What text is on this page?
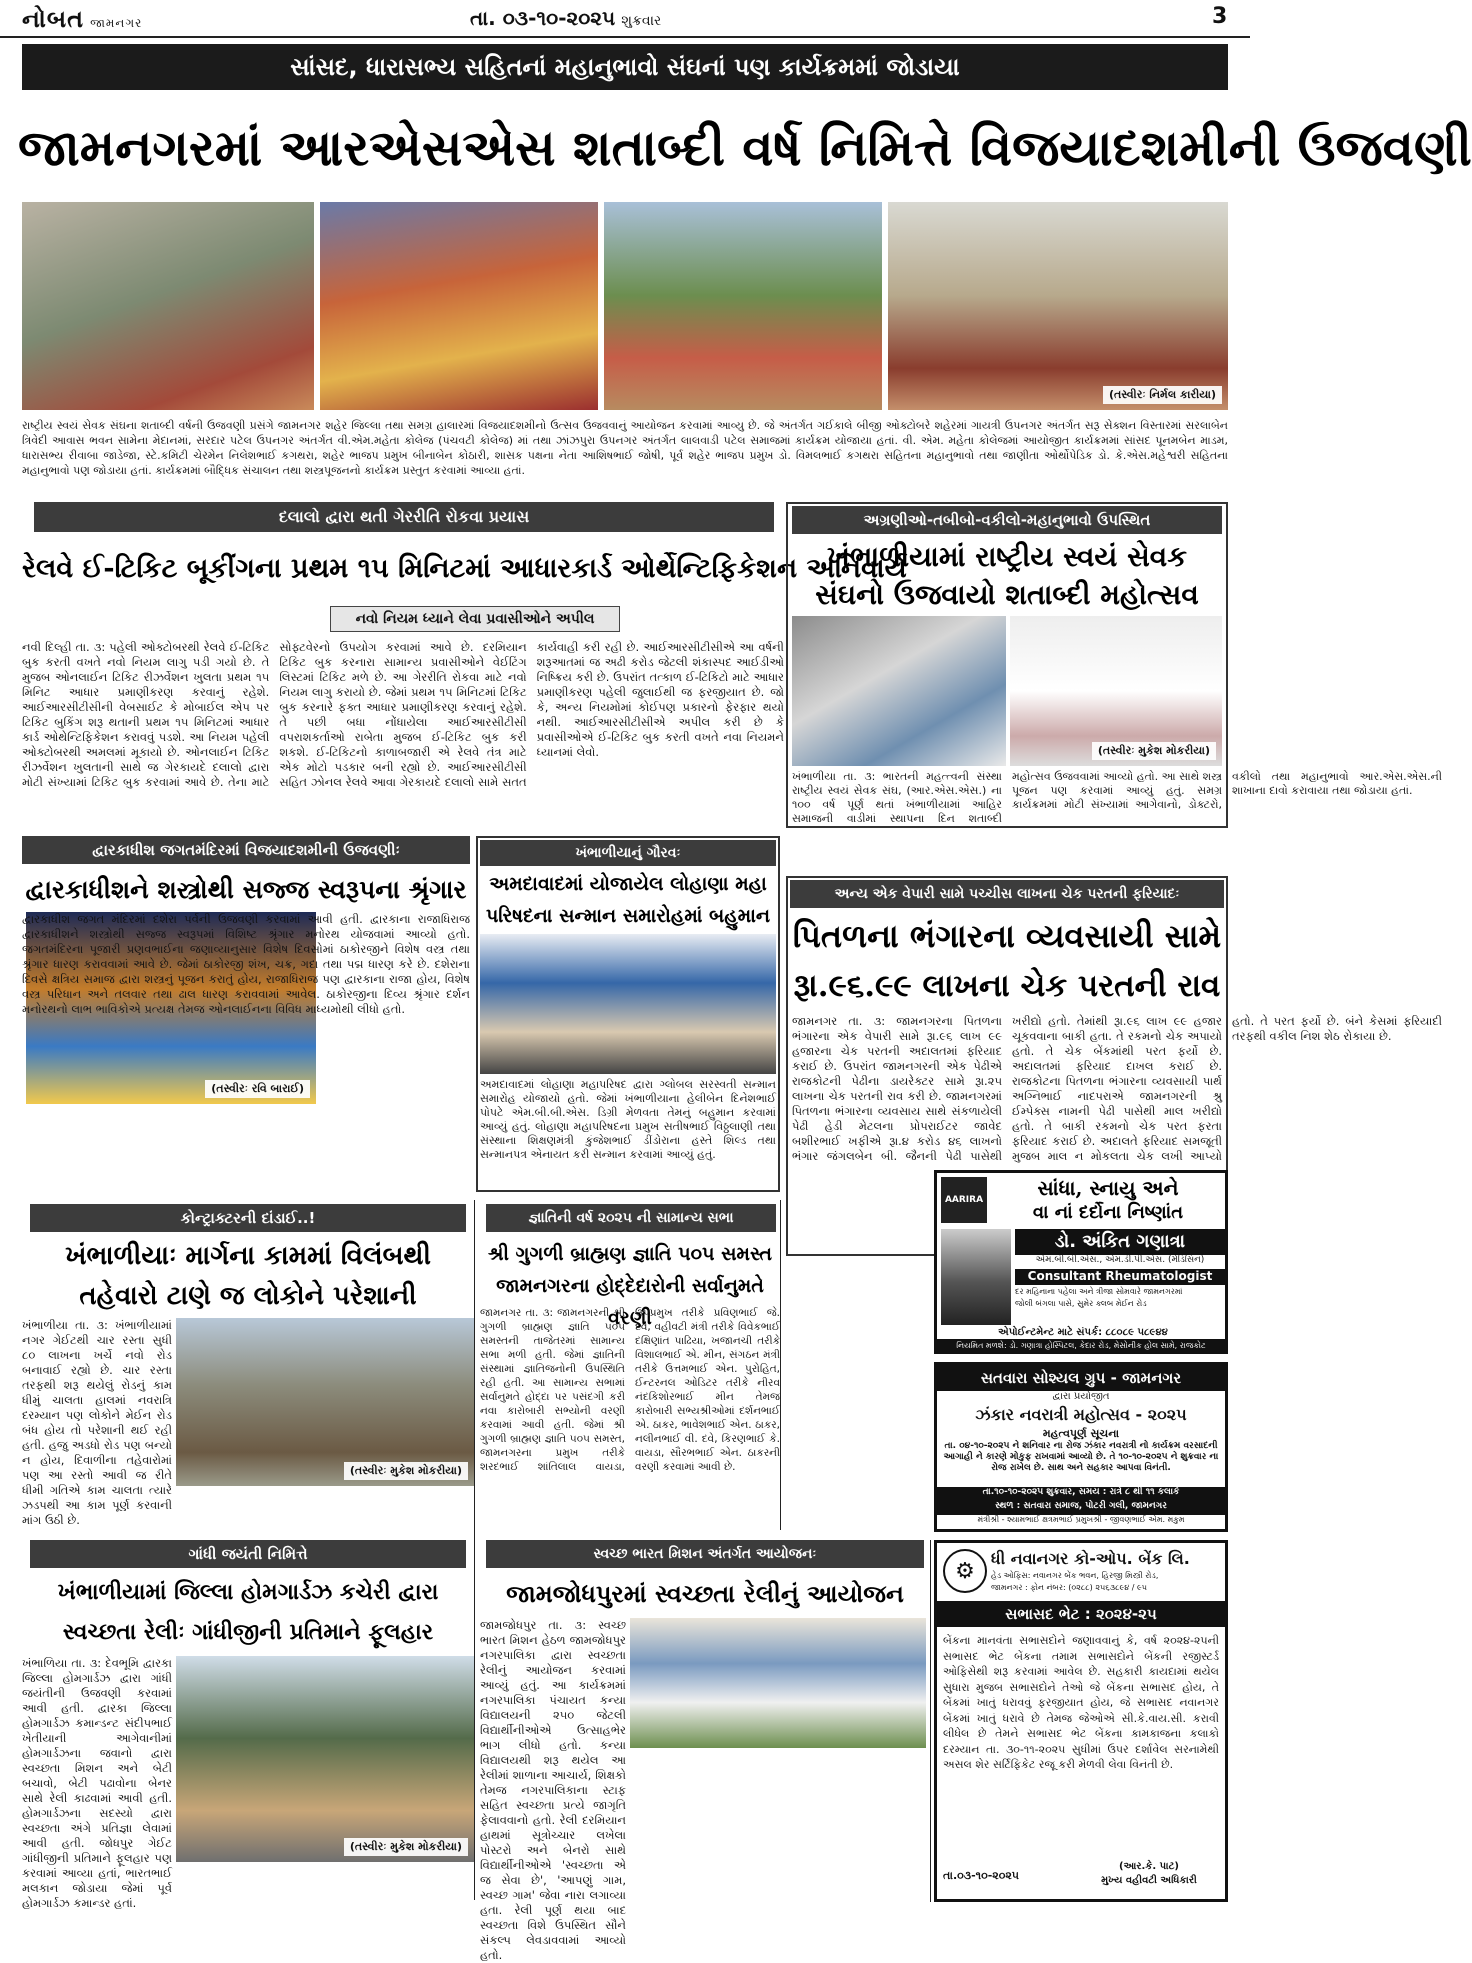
નોબત જામનગર	તા. ૦૩-૧૦-૨૦૨૫ શુક્રવાર	3
સાંસદ, ધારાસભ્ય સહિતનાં મહાનુભાવો સંઘનાં પણ કાર્યક્રમમાં જોડાયા
જામનગરમાં આરએસએસ શતાબ્દી વર્ષ નિમિત્તે વિજયાદશમીની ઉજવણી
(તસ્વીરઃ નિર્મલ કારીયા)
રાષ્ટ્રીય સ્વયં સેવક સંઘના શતાબ્દી વર્ષની ઉજવણી પ્રસંગે જામનગર શહેર જિલ્લા તથા સમગ્ર હાલારમાં વિજયાદશમીનો ઉત્સવ ઉજવવાનું આયોજન કરવામાં આવ્યુ છે. જે અંતર્ગત ગઈકાલે બીજી ઓક્ટોબરે શહેરમાં ગાયત્રી ઉપનગર અંતર્ગત સરૂ સેક્શન વિસ્તારમાં સરલાબેન ત્રિવેદી આવાસ ભવન સામેના મેદાનમાં, સરદાર પટેલ ઉપનગર અંતર્ગત વી.એમ.મહેતા કોલેજ (પંચવટી કોલેજ) માં તથા ઝાંઝપુરા ઉપનગર અંતર્ગત લાલવાડી પટેલ સમાજમાં કાર્યક્રમ યોજાયા હતાં. વી. એમ. મહેતા કોલેજમાં આયોજીત કાર્યક્રમમાં સાંસદ પૂનમબેન માડમ, ધારાસભ્ય રીવાબા જાડેજા, સ્ટે.કમિટી ચેરમેન નિલેશભાઈ કગથરા, શહેર ભાજપ પ્રમુખ બીનાબેન કોઠારી, શાસક પક્ષના નેતા આશિષભાઈ જોષી, પૂર્વ શહેર ભાજપ પ્રમુખ ડો. વિમલભાઈ કગથરા સહિતના મહાનુભાવો તથા જાણીતા ઓર્થોપેડિક ડો. કે.એસ.મહેશ્વરી સહિતના મહાનુભાવો પણ જોડાયા હતાં. કાર્યક્રમમાં બૌદ્ધિક સંચાલન તથા શસ્ત્રપૂજનનો કાર્યક્રમ પ્રસ્તુત કરવામાં આવ્યા હતાં.
દલાલો દ્વારા થતી ગેરરીતિ રોકવા પ્રયાસ
રેલવે ઈ-ટિકિટ બૂકીંગના પ્રથમ ૧૫ મિનિટમાં આધારકાર્ડ ઓર્થેન્ટિફિકેશન અનિવાર્ય
નવો નિયમ ધ્યાને લેવા પ્રવાસીઓને અપીલ
નવી દિલ્હી તા. ૩: પહેલી ઓક્ટોબરથી રેલવે ઈ-ટિકિટ બુક કરતી વખતે નવો નિયમ લાગુ પડી ગયો છે. તે મુજબ ઓનલાઈન ટિકિટ રીઝર્વેશન ખુલતા પ્રથમ ૧૫ મિનિટ આધાર પ્રમાણીકરણ કરવાનું રહેશે. આઈઆરસીટીસીની વેબસાઈટ કે મોબાઈલ એપ પર ટિકિટ બુકિંગ શરૂ થતાની પ્રથમ ૧૫ મિનિટમાં આધાર કાર્ડ ઓથેન્ટિફિકેશન કરાવવું પડશે. આ નિયમ પહેલી ઓક્ટોબરથી અમલમાં મૂકાયો છે. ઓનલાઈન ટિકિટ રીઝર્વેશન ખુલતાની સાથે જ ગેરકાયદે દલાલો દ્વારા મોટી સંખ્યામાં ટિકિટ બુક કરવામાં આવે છે. તેના માટે સોફ્ટવેરનો ઉપયોગ કરવામાં આવે છે. દરમિયાન ટિકિટ બુક કરનારા સામાન્ય પ્રવાસીઓને વેઈટિંગ લિસ્ટમાં ટિકિટ મળે છે. આ ગેરરીતિ રોકવા માટે નવો નિયમ લાગુ કરાયો છે. જેમાં પ્રથમ ૧૫ મિનિટમાં ટિકિટ બુક કરનારે ફક્ત આધાર પ્રમાણીકરણ કરવાનું રહેશે. તે પછી બધા નોંધાયેલા આઈઆરસીટીસી વપરાશકર્તાઓ રાબેતા મુજબ ઈ-ટિકિટ બુક કરી શકશે. ઈ-ટિકિટનો કાળાબજારી એ રેલવે તંત્ર માટે એક મોટો પડકાર બની રહ્યો છે. આઈઆરસીટીસી સહિત ઝોનલ રેલવે આવા ગેરકાયદે દલાલો સામે સતત કાર્યવાહી કરી રહી છે. આઈઆરસીટીસીએ આ વર્ષની શરૂઆતમાં જ અઢી કરોડ જેટલી શંકાસ્પદ આઈડીઓ નિષ્ક્રિય કરી છે. ઉપરાંત તત્કાળ ઈ-ટિકિટો માટે આધાર પ્રમાણીકરણ પહેલી જુલાઈથી જ ફરજીયાત છે. જો કે, અન્ય નિયમોમાં કોઈપણ પ્રકારનો ફેરફાર થયો નથી. આઈઆરસીટીસીએ અપીલ કરી છે કે પ્રવાસીઓએ ઈ-ટિકિટ બુક કરતી વખતે નવા નિયમને ધ્યાનમાં લેવો.
અગ્રણીઓ-તબીબો-વકીલો-મહાનુભાવો ઉપસ્થિત
ખંભાળીયામાં રાષ્ટ્રીય સ્વયં સેવક સંઘનો ઉજવાયો શતાબ્દી મહોત્સવ
(તસ્વીરઃ મુકેશ મોકરીયા)
ખંભાળીયા તા. ૩: ભારતની મહત્ત્વની સંસ્થા રાષ્ટ્રીય સ્વયં સેવક સંઘ, (આર.એસ.એસ.) ના ૧૦૦ વર્ષ પૂર્ણ થતાં ખંભાળીયામાં આહિર સમાજની વાડીમાં સ્થાપના દિન શતાબ્દી મહોત્સવ ઉજવવામાં આવ્યો હતો. આ સાથે શસ્ત્ર પૂજન પણ કરવામાં આવ્યું હતું. સમગ્ર કાર્યક્રમમાં મોટી સંખ્યામાં આગેવાનો, ડોક્ટરો, વકીલો તથા મહાનુભાવો આર.એસ.એસ.ની શાખાના દાવો કરાવાયા તથા જોડાયા હતાં.
દ્વારકાધીશ જગતમંદિરમાં વિજયાદશમીની ઉજવણીઃ
દ્વારકાધીશને શસ્ત્રોથી સજ્જ સ્વરૂપના શ્રૃંગાર
(તસ્વીરઃ રવિ બારાઈ)
દ્વારકાધીશ જગત મંદિરમાં દશેરા પર્વની ઉજવણી કરવામાં આવી હતી. દ્વારકાના રાજાધિરાજ દ્વારકાધીશને શસ્ત્રોથી સજ્જ સ્વરૂપમાં વિશિષ્ટ શ્રૃંગાર મનોરથ યોજવામાં આવ્યો હતો. જગતમંદિરના પૂજારી પ્રણવભાઈના જણાવ્યાનુસાર વિશેષ દિવસોમાં ઠાકોરજીને વિશેષ વસ્ત્ર તથા શ્રૃંગાર ધારણ કરાવવામાં આવે છે. જેમાં ઠાકોરજી શંખ, ચક્ર, ગદા તથા પદ્મ ધારણ કરે છે. દશેરાના દિવસે ક્ષત્રિય સમાજ દ્વારા શસ્ત્રનું પૂજન કરાતું હોય, રાજાધિરાજ પણ દ્વારકાના રાજા હોય, વિશેષ વસ્ત્ર પરિધાન અને તલવાર તથા ઢાલ ધારણ કરાવવામાં આવેલ. ઠાકોરજીના દિવ્ય શ્રૃંગાર દર્શન મનોરથનો લાભ ભાવિકોએ પ્રત્યક્ષ તેમજ ઓનલાઈનના વિવિધ માધ્યમોથી લીધો હતો.
ખંભાળીયાનું ગૌરવઃ
અમદાવાદમાં યોજાયેલ લોહાણા મહા પરિષદના સન્માન સમારોહમાં બહુમાન
અમદાવાદમાં લોહાણા મહાપરિષદ દ્વારા ગ્લોબલ સરસ્વતી સન્માન સમારોહ યોજાયો હતો. જેમાં ખંભાળીયાના હેલીબેન દિનેશભાઈ પોપટે એમ.બી.બી.એસ. ડિગ્રી મેળવતા તેમનું બહુમાન કરવામાં આવ્યું હતું. લોહાણા મહાપરિષદના પ્રમુખ સતીષભાઈ વિઠ્ઠલાણી તથા સંસ્થાના શિક્ષણમંત્રી કુંજેશભાઈ ડીંડોરાના હસ્તે શિલ્ડ તથા સન્માનપત્ર એનાયત કરી સન્માન કરવામાં આવ્યું હતું.
અન્ય એક વેપારી સામે પચ્ચીસ લાખના ચેક પરતની ફરિયાદઃ
પિતળના ભંગારના વ્યવસાયી સામે
રૂા.૯૬.૯૯ લાખના ચેક પરતની રાવ
જામનગર તા. ૩: જામનગરના પિતળના ભંગારના એક વેપારી સામે રૂા.૯૬ લાખ ૯૯ હજારના ચેક પરતની અદાલતમાં ફરિયાદ કરાઈ છે. ઉપરાંત જામનગરની એક પેઢીએ રાજકોટની પેઢીના ડાયરેક્ટર સામે રૂા.૨૫ લાખના ચેક પરતની રાવ કરી છે. જામનગરમાં પિતળના ભંગારના વ્યવસાય સાથે સંકળાયેલી પેઢી હેડી મેટલના પ્રોપરાઈટર જાવેદ બશીરભાઈ ખફીએ રૂા.૪ કરોડ ૪૬ લાખનો ભંગાર જંગલબેન બી. જૈનની પેઢી પાસેથી ખરીદ્યો હતો. તેમાંથી રૂા.૯૬ લાખ ૯૯ હજાર ચૂકવવાના બાકી હતા. તે રકમનો ચેક અપાયો હતો. તે ચેક બેંકમાંથી પરત ફર્યો છે. અદાલતમાં ફરિયાદ દાખલ કરાઈ છે. રાજકોટના પિતળના ભંગારના વ્યવસાયી પાર્થ અગ્નિભાઈ નાદપરાએ જામનગરની શ્રુ ઈમ્પેક્સ નામની પેઢી પાસેથી માલ ખરીદ્યો હતો. તે બાકી રકમનો ચેક પરત ફરતા ફરિયાદ કરાઈ છે. અદાલતે ફરિયાદ સમજૂતી મુજબ માલ ન મોકલતા ચેક લખી આપ્યો હતો. તે પરત ફર્યો છે. બંને કેસમાં ફરિયાદી તરફથી વકીલ નિશ શેઠ રોકાયા છે.
AARIRA	સાંધા, સ્નાયુ અને
વા નાં દર્દોના નિષ્ણાંત
ડો. અંકિત ગણાત્રા
એમ.બી.બી.એસ., એમ.ડી.પી.એસ. (મેડિસિન)
Consultant Rheumatologist
દર મહિનાના પહેલા અને ત્રીજા સોમવારે જામનગરમાં
જોલી બંગલા પાસે, સુમેર ક્લબ મેઈન રોડ
એપોઈન્ટમેન્ટ માટે સંપર્ક: ૮૮૦૮૯ ૫૮૯૪૪
નિયમિત મળશે: ડો. ગણાત્રા હોસ્પિટલ, કેદાર રોડ, મેસોનીક હોલ સામે, રાજકોટ
કોન્ટ્રાક્ટરની દાંડાઈ..!
ખંભાળીયાઃ માર્ગના કામમાં વિલંબથી
તહેવારો ટાણે જ લોકોને પરેશાની
(તસ્વીરઃ મુકેશ મોકરીયા)
ખંભાળીયા તા. ૩: ખંભાળીયામાં નગર ગેઈટથી ચાર રસ્તા સુધી ૮૦ લાખના ખર્ચે નવો રોડ બનાવાઈ રહ્યો છે. ચાર રસ્તા તરફથી શરૂ થયેલું રોડનું કામ ધીમું ચાલતા હાલમાં નવરાત્રિ દરમ્યાન પણ લોકોને મેઈન રોડ બંધ હોય તો પરેશાની થઈ રહી હતી. હજુ અડધો રોડ પણ બન્યો ન હોય, દિવાળીના તહેવારોમાં પણ આ રસ્તો આવી જ રીતે ધીમી ગતિએ કામ ચાલતા ત્યારે ઝડપથી આ કામ પૂર્ણ કરવાની માંગ ઉઠી છે.
જ્ઞાતિની વર્ષ ૨૦૨૫ ની સામાન્ય સભા
શ્રી ગુગળી બ્રાહ્મણ જ્ઞાતિ ૫૦૫ સમસ્ત
જામનગરના હોદ્દેદારોની સર્વાનુમતે વરણી
જામનગર તા. ૩: જામનગરની શ્રી ગુગળી બ્રાહ્મણ જ્ઞાતિ ૫૦૫ સમસ્તની તાજેતરમાં સામાન્ય સભા મળી હતી. જેમાં જ્ઞાતિની સંસ્થામાં જ્ઞાતિજનોની ઉપસ્થિતિ રહી હતી. આ સામાન્ય સભામાં સર્વાનુમતે હોદ્દા પર પસંદગી કરી નવા કારોબારી સભ્યોની વરણી કરવામાં આવી હતી. જેમાં શ્રી ગુગળી બ્રાહ્મણ જ્ઞાતિ ૫૦૫ સમસ્ત, જામનગરના પ્રમુખ તરીકે શરદભાઈ શાંતિલાલ વાયડા, ઉપપ્રમુખ તરીકે પ્રવિણભાઈ જે. દવે, વહીવટી મંત્રી તરીકે વિવેકભાઈ દક્ષિણાંત પાઢિયા, ખજાનચી તરીકે વિશાલભાઈ એ. મીન, સંગઠન મંત્રી તરીકે ઉત્તમભાઈ એન. પુરોહિત, ઈન્ટરનલ ઓડિટર તરીકે નીરવ નંદકિશોરભાઈ મીન તેમજ કારોબારી સભ્યશ્રીઓમાં દર્શનભાઈ એ. ઠાકર, ભાવેશભાઈ એન. ઠાકર, નલીનભાઈ વી. દવે, કિરણભાઈ કે. વાયડા, સૌરભભાઈ એન. ઠાકરની વરણી કરવામાં આવી છે.
સતવારા સોશ્યલ ગ્રુપ - જામનગર
દ્વારા પ્રયોજીત
ઝંકાર નવરાત્રી મહોત્સવ - ૨૦૨૫
મહત્વપૂર્ણ સૂચના
તા. ૦૪-૧૦-૨૦૨૫ ને શનિવાર ના રોજ ઝંકાર નવરાત્રી નો કાર્યક્રમ વરસાદની આગાહી ને કારણે મોકુફ રાખવામાં આવ્યો છે. તે ૧૦-૧૦-૨૦૨૫ ને શુક્રવાર ના રોજ રાખેલ છે. સાથ અને સહકાર આપવા વિનંતી.
તા.૧૦-૧૦-૨૦૨૫ શુક્રવાર, સમય : રાત્રે ૮ થી ૧૧ કલાકે
સ્થળ : સતવારા સમાજ, પોટરી ગલી, જામનગર
મંત્રીશ્રી - શ્યામભાઈ ક્ષત્રમભાઈ પ્રમુખશ્રી - જીવણભાઈ એમ. મકુમ
ગાંધી જયંતી નિમિત્તે
ખંભાળીયામાં જિલ્લા હોમગાર્ડઝ કચેરી દ્વારા
સ્વચ્છતા રેલીઃ ગાંધીજીની પ્રતિમાને ફૂલહાર
(તસ્વીરઃ મુકેશ મોકરીયા)
ખંભાળિયા તા. ૩: દેવભૂમિ દ્વારકા જિલ્લા હોમગાર્ડઝ દ્વારા ગાંધી જયંતીની ઉજવણી કરવામાં આવી હતી. દ્વારકા જિલ્લા હોમગાર્ડઝ કમાન્ડન્ટ સંદીપભાઈ ખેતીયાની આગેવાનીમાં હોમગાર્ડઝના જવાનો દ્વારા સ્વચ્છતા મિશન અને બેટી બચાવો, બેટી પઢાવોના બેનર સાથે રેલી કાઢવામાં આવી હતી. હોમગાર્ડઝના સદસ્યો દ્વારા સ્વચ્છતા અંગે પ્રતિજ્ઞા લેવામાં આવી હતી. જોધપુર ગેઈટ ગાંધીજીની પ્રતિમાને ફૂલહાર પણ કરવામાં આવ્યા હતાં, ભારતભાઈ મલકાન જોડાયા જેમાં પૂર્વ હોમગાર્ડઝ કમાન્ડર હતાં.
સ્વચ્છ ભારત મિશન અંતર્ગત આયોજનઃ
જામજોધપુરમાં સ્વચ્છતા રેલીનું આયોજન
જામજોધપુર તા. ૩: સ્વચ્છ ભારત મિશન હેઠળ જામજોધપુર નગરપાલિકા દ્વારા સ્વચ્છતા રેલીનું આયોજન કરવામાં આવ્યું હતું. આ કાર્યક્રમમાં નગરપાલિકા પંચાયત કન્યા વિદ્યાલયની ૨૫૦ જેટલી વિદ્યાર્થીનીઓએ ઉત્સાહભેર ભાગ લીધો હતો. કન્યા વિદ્યાલયથી શરૂ થયેલ આ રેલીમાં શાળાના આચાર્ય, શિક્ષકો તેમજ નગરપાલિકાના સ્ટાફ સહિત સ્વચ્છતા પ્રત્યે જાગૃતિ ફેલાવવાનો હતો. રેલી દરમિયાન હાથમાં સૂત્રોચ્ચાર લખેલા પોસ્ટરો અને બેનરો સાથે વિદ્યાર્થીનીઓએ 'સ્વચ્છતા એ જ સેવા છે', 'આપણું ગામ, સ્વચ્છ ગામ' જેવા નારા લગાવ્યા હતા. રેલી પૂર્ણ થયા બાદ સ્વચ્છતા વિશે ઉપસ્થિત સૌને સંકલ્પ લેવડાવવામાં આવ્યો હતો.
⚙
ધી નવાનગર કો-ઓપ. બેંક લિ.
હેડ ઓફિસ: નવાનગર બેંક ભવન, હિરજી મિસ્ત્રી રોડ,
જામનગર : ફોન નંબર: (૦૨૮૮) ૨૫૬૩૮૯૪ / ૯૫
સભાસદ ભેટ : ૨૦૨૪-૨૫
બેંકના માનવંતા સભાસદોને જણાવવાનું કે, વર્ષ ૨૦૨૪-૨૫ની સભાસદ ભેટ બેંકના તમામ સભાસદોને બેંકની રજીસ્ટર્ડ ઓફિસેથી શરૂ કરવામાં આવેલ છે. સહકારી કાયદામાં થયેલ સુધારા મુજબ સભાસદોને તેઓ જે બેંકના સભાસદ હોય, તે બેંકમાં ખાતું ધરાવવું ફરજીયાત હોય, જે સભાસદ નવાનગર બેંકમાં ખાતું ધરાવે છે તેમજ જેઓએ સી.કે.વાય.સી. કરાવી લીધેલ છે તેમને સભાસદ ભેટ બેંકના કામકાજના કલાકો દરમ્યાન તા. ૩૦-૧૧-૨૦૨૫ સુધીમાં ઉપર દર્શાવેલ સરનામેથી અસલ શેર સર્ટિફિકેટ રજૂ કરી મેળવી લેવા વિનંતી છે.
તા.૦૩-૧૦-૨૦૨૫
(આર.કે. પાટ)
મુખ્ય વહીવટી અધિકારી
